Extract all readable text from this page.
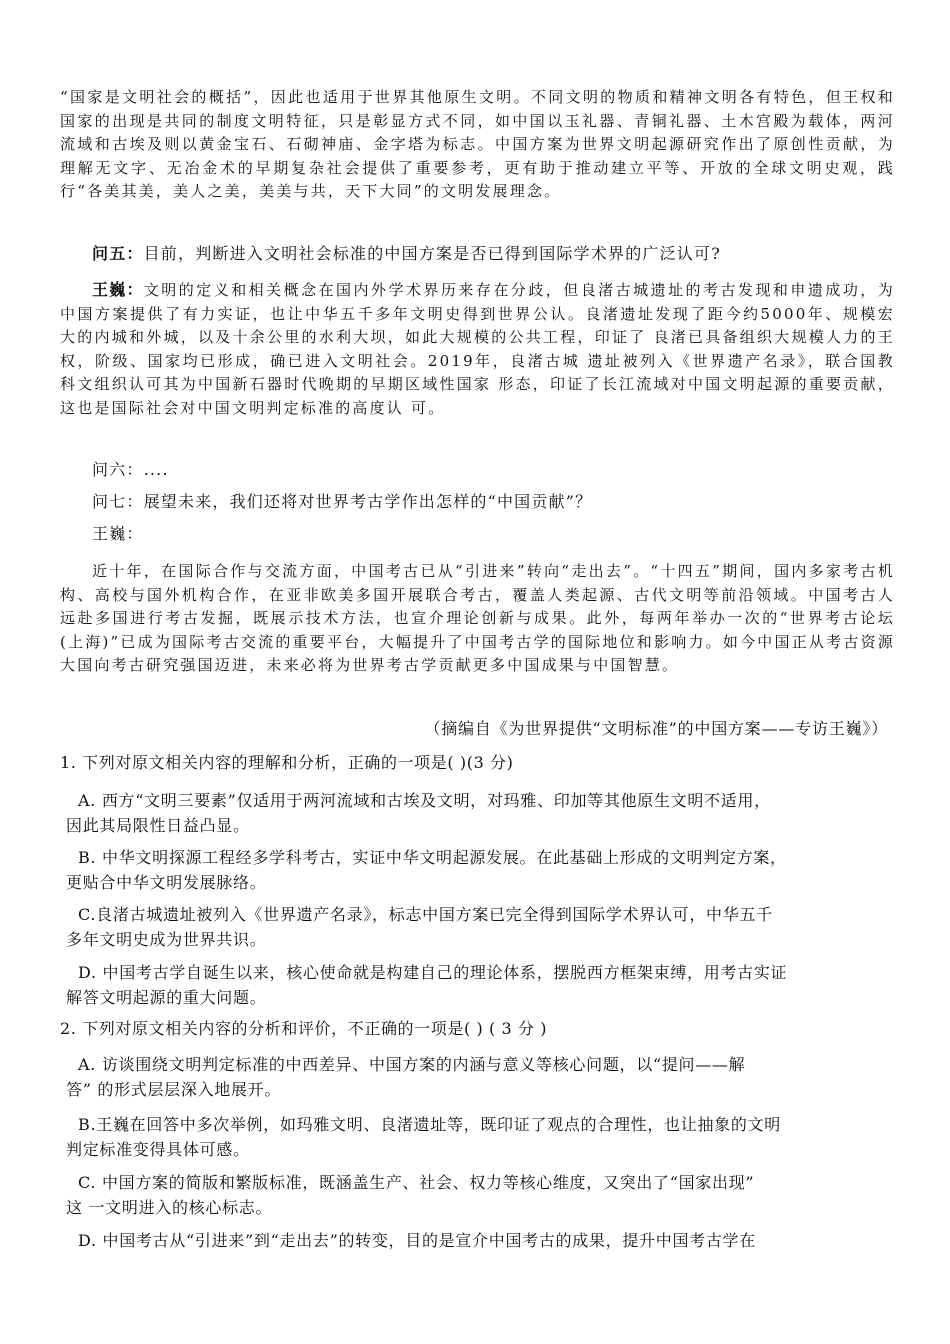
“国家是文明社会的概括”，因此也适用于世界其他原生文明。不同文明的物质和精神文明各有特色，但王权和国家的出现是共同的制度文明特征，只是彰显方式不同，如中国以玉礼器、青铜礼器、土木宫殿为载体，两河流域和古埃及则以黄金宝石、石砌神庙、金字塔为标志。中国方案为世界文明起源研究作出了原创性贡献，为理解无文字、无冶金术的早期复杂社会提供了重要参考，更有助于推动建立平等、开放的全球文明史观，践行“各美其美，美人之美，美美与共，天下大同”的文明发展理念。

问五：目前，判断进入文明社会标准的中国方案是否已得到国际学术界的广泛认可?

王巍：文明的定义和相关概念在国内外学术界历来存在分歧，但良渚古城遗址的考古发现和申遗成功，为中国方案提供了有力实证，也让中华五千多年文明史得到世界公认。良渚遗址发现了距今约5000年、规模宏大的内城和外城，以及十余公里的水利大坝，如此大规模的公共工程，印证了 良渚已具备组织大规模人力的王权，阶级、国家均已形成，确已进入文明社会。2019年，良渚古城 遗址被列入《世界遗产名录》，联合国教科文组织认可其为中国新石器时代晚期的早期区域性国家 形态，印证了长江流域对中国文明起源的重要贡献，这也是国际社会对中国文明判定标准的高度认 可。

问六：....

问七：展望未来，我们还将对世界考古学作出怎样的“中国贡献”？

王巍：

近十年，在国际合作与交流方面，中国考古已从“引进来”转向“走出去”。“十四五”期间，国内多家考古机构、高校与国外机构合作，在亚非欧美多国开展联合考古，覆盖人类起源、古代文明等前沿领域。中国考古人远赴多国进行考古发掘，既展示技术方法，也宣介理论创新与成果。此外，每两年举办一次的“世界考古论坛(上海)”已成为国际考古交流的重要平台，大幅提升了中国考古学的国际地位和影响力。如今中国正从考古资源大国向考古研究强国迈进，未来必将为世界考古学贡献更多中国成果与中国智慧。

（摘编自《为世界提供“文明标准”的中国方案——专访王巍》）

1. 下列对原文相关内容的理解和分析，正确的一项是( )(3 分)

A. 西方“文明三要素”仅适用于两河流域和古埃及文明，对玛雅、印加等其他原生文明不适用，
因此其局限性日益凸显。

B. 中华文明探源工程经多学科考古，实证中华文明起源发展。在此基础上形成的文明判定方案，
更贴合中华文明发展脉络。

C.良渚古城遗址被列入《世界遗产名录》，标志中国方案已完全得到国际学术界认可，中华五千
多年文明史成为世界共识。

D. 中国考古学自诞生以来，核心使命就是构建自己的理论体系，摆脱西方框架束缚，用考古实证
解答文明起源的重大问题。

2. 下列对原文相关内容的分析和评价，不正确的一项是( ) ( 3 分 )

A. 访谈围绕文明判定标准的中西差异、中国方案的内涵与意义等核心问题，以“提问——解
答” 的形式层层深入地展开。

B.王巍在回答中多次举例，如玛雅文明、良渚遗址等，既印证了观点的合理性，也让抽象的文明
判定标准变得具体可感。

C. 中国方案的简版和繁版标准，既涵盖生产、社会、权力等核心维度，又突出了“国家出现”
这 一文明进入的核心标志。

D. 中国考古从“引进来”到“走出去”的转变，目的是宣介中国考古的成果，提升中国考古学在
